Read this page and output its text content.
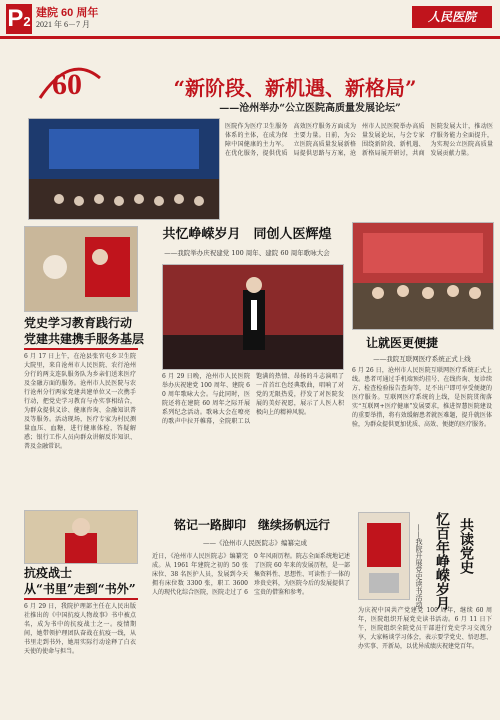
P2
建院 60 周年
2021 年 6－7 月
人民医院
60	“新阶段、新机遇、新格局”
——沧州举办“公立医院高质量发展论坛”
医院作为医疗卫生服务体系的主体，在成为保障中国健康的主力军。在优化服务，提供优质高效医疗服务方面成为主要力量。日前，为公立医院高质量发展新格局提供思路与方案，沧州市人民医院举办高质量发展论坛，与会专家围绕新阶段、新机遇、新格局展开研讨，共商医院发展大计，推动医疗服务能力全面提升，为实现公立医院高质量发展贡献力量。
党史学习教育践行动
党建共建携手服务基层
6 月 17 日上午，在沧县张官屯乡卫生院大院里，来自沧州市人民医院、农行沧州分行的两支连队服务队为乡亲们送来医疗及金融方面的服务。沧州市人民医院与农行沧州分行两家党建共建单位又一次携手行动，把党史学习教育与办实事相结合，为群众提供义诊、健康咨询、金融知识普及等服务。活动现场，医疗专家为村民测量血压、血糖，进行健康体检，答疑解惑；银行工作人员向群众讲解反诈知识、普及金融常识。
共忆峥嵘岁月　同创人医辉煌
——我院举办庆祝建党 100 周年、建院 60 周年歌咏大会
6 月 29 日晚，沧州市人民医院举办庆祝建党 100 周年、建院 60 周年歌咏大会。与此同时，医院还将在建院 60 周年之际开展系列纪念活动。歌咏大会在嘹亮的歌声中拉开帷幕，全院职工以饱满的热情、昂扬的斗志演唱了一首首红色经典歌曲，唱响了对党的无限热爱，抒发了对医院发展的美好祝愿，展示了人医人积极向上的精神风貌。
让就医更便捷
——我院互联网医疗系统正式上线
6 月 26 日，沧州市人民医院互联网医疗系统正式上线。患者可通过手机端预约挂号、在线咨询、复诊续方、检查检验报告查询等，足不出户即可享受便捷的医疗服务。互联网医疗系统的上线，是医院贯彻落实“互联网+医疗健康”发展要求，推进智慧医院建设的重要举措，将有效缓解患者就医难题，提升就医体验，为群众提供更加优质、高效、便捷的医疗服务。
铭记一路脚印　继续扬帆远行
——《沧州市人民医院志》编纂完成
近日，《沧州市人民医院志》编纂完成。从 1961 年建院之初的 50 张床位、38 名医护人员，发展到今天拥有床位数 3300 张，职工 3600 人的现代化综合医院，医院走过了 60 年风雨历程。院志全面系统地记述了医院 60 年来的发展历程，是一部集资料性、思想性、可读性于一体的珍贵史料，为医院今后的发展提供了宝贵的借鉴和参考。
抗疫战士
从“书里”走到“书外”
6 月 29 日，我院护理部主任在人民出版社推出的《中国抗疫人物故事》书中被点名，成为书中的抗疫战士之一。疫情期间，她带领护理团队奋战在抗疫一线，从书里走到书外，她用实际行动诠释了白衣天使的使命与担当。
共读党史
忆百年峥嵘岁月
——我院开展党史读书活动
为庆祝中国共产党建党 100 周年，继续 60 周年，医院组织开展党史读书活动。6 月 11 日下午，医院组织全院党员干部进行党史学习交流分享，大家畅谈学习体会，表示要学党史、悟思想、办实事、开新局，以优异成绩庆祝建党百年。
